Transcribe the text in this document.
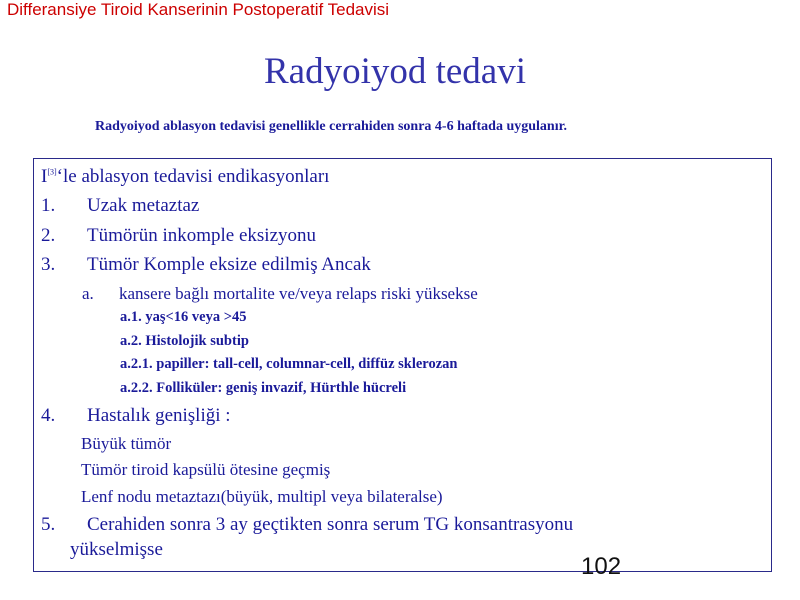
Differansiye Tiroid Kanserinin Postoperatif Tedavisi
Radyoiyod tedavi
Radyoiyod ablasyon tedavisi genellikle cerrahiden sonra 4-6 haftada uygulanır.
I[3]‘le ablasyon tedavisi endikasyonları
1. Uzak metaztaz
2. Tümörün inkomple eksizyonu
3. Tümör Komple eksize edilmiş Ancak
a. kansere bağlı mortalite ve/veya relaps riski yüksekse
a.1. yaş<16 veya >45
a.2. Histolojik subtip
a.2.1. papiller: tall-cell, columnar-cell, diffüz sklerozan
a.2.2. Folliküler: geniş invazif, Hürthle hücreli
4. Hastalık genişliği :
Büyük tümör
Tümör tiroid kapsülü ötesine geçmiş
Lenf nodu metaztazı(büyük, multipl veya bilateralse)
5. Cerahiden sonra 3 ay geçtikten sonra serum TG konsantrasyonu
yükselmişse
102
